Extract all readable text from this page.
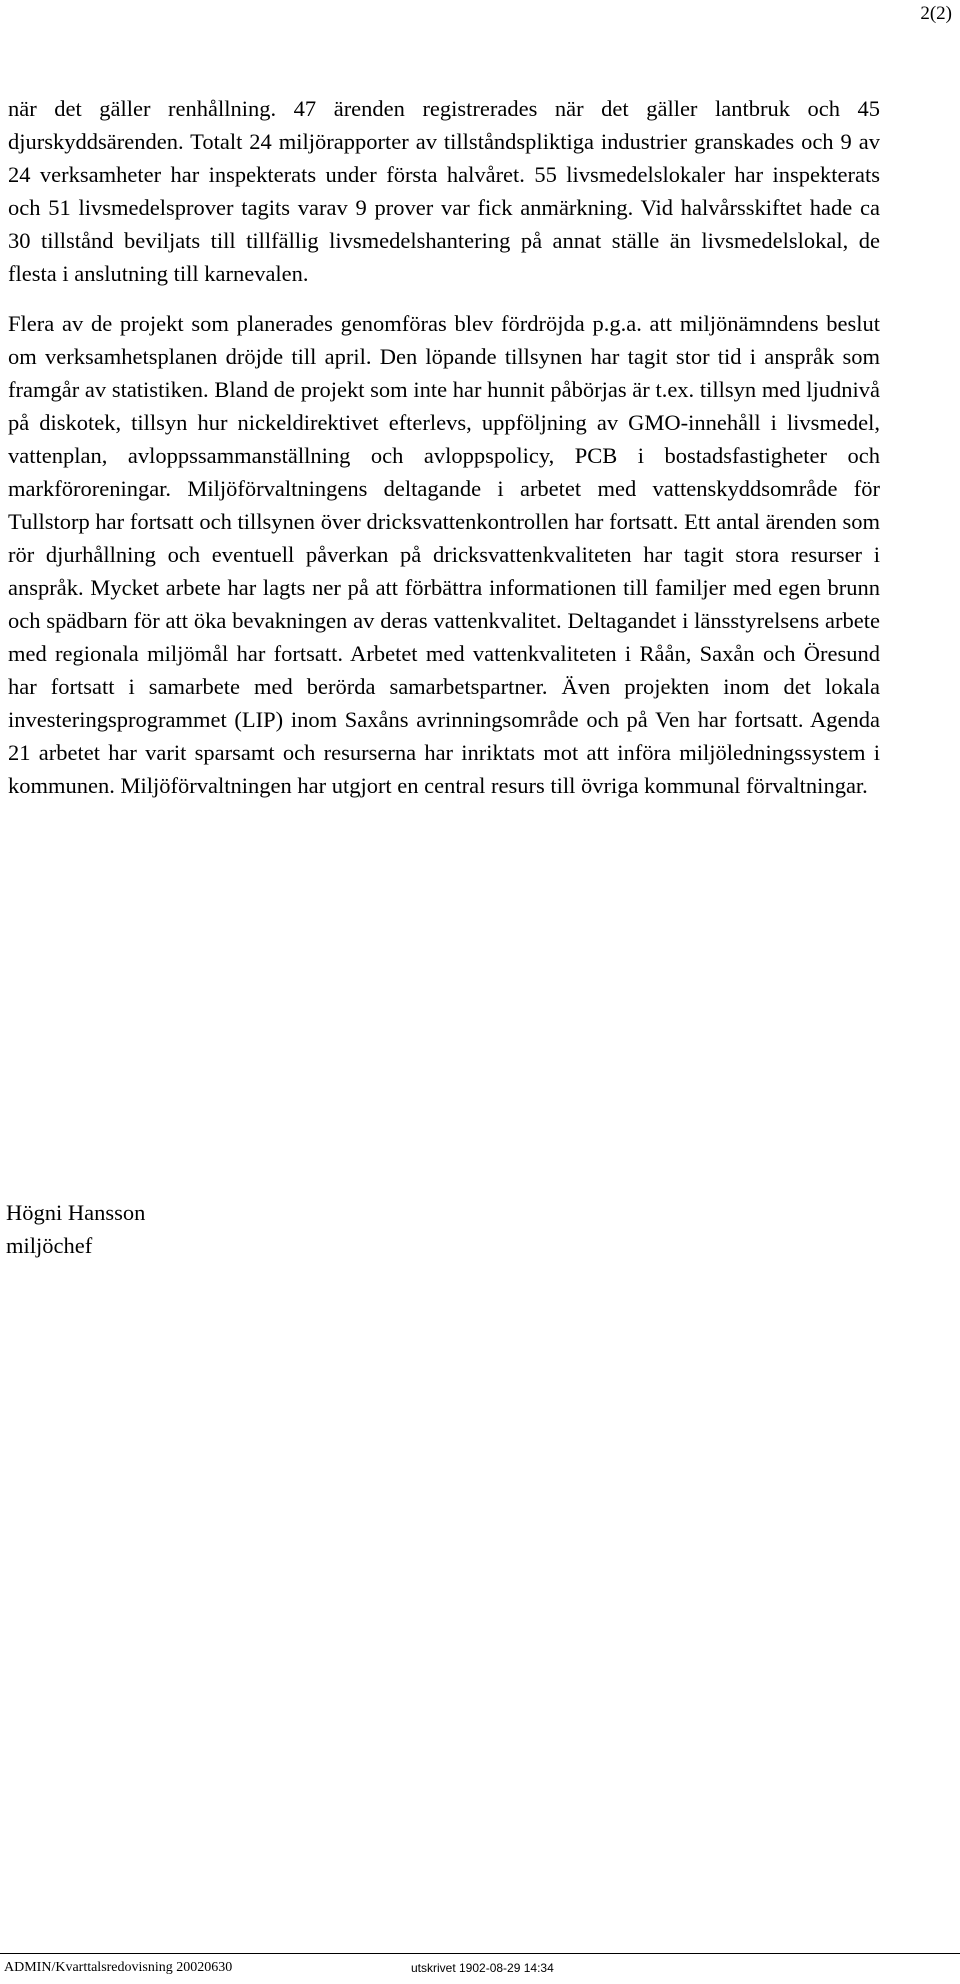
2(2)

när det gäller renhållning. 47 ärenden registrerades när det gäller lantbruk och 45 djurskyddsärenden. Totalt 24 miljörapporter av tillståndspliktiga industrier granskades och 9 av 24 verksamheter har inspekterats under första halvåret. 55 livsmedelslokaler har inspekterats och 51 livsmedelsprover tagits varav 9 prover var fick anmärkning. Vid halvårsskiftet hade ca 30 tillstånd beviljats till tillfällig livsmedelshantering på annat ställe än livsmedelslokal, de flesta i anslutning till karnevalen.

Flera av de projekt som planerades genomföras blev fördröjda p.g.a. att miljönämndens beslut om verksamhetsplanen dröjde till april. Den löpande tillsynen har tagit stor tid i anspråk som framgår av statistiken. Bland de projekt som inte har hunnit påbörjas är t.ex. tillsyn med ljudnivå på diskotek, tillsyn hur nickeldirektivet efterlevs, uppföljning av GMO-innehåll i livsmedel, vattenplan, avloppssammanställning och avloppspolicy, PCB i bostadsfastigheter och markföroreningar. Miljöförvaltningens deltagande i arbetet med vattenskyddsområde för Tullstorp har fortsatt och tillsynen över dricksvattenkontrollen har fortsatt. Ett antal ärenden som rör djurhållning och eventuell påverkan på dricksvattenkvaliteten har tagit stora resurser i anspråk. Mycket arbete har lagts ner på att förbättra informationen till familjer med egen brunn och spädbarn för att öka bevakningen av deras vattenkvalitet. Deltagandet i länsstyrelsens arbete med regionala miljömål har fortsatt. Arbetet med vattenkvaliteten i Råån, Saxån och Öresund har fortsatt i samarbete med berörda samarbetspartner. Även projekten inom det lokala investeringsprogrammet (LIP) inom Saxåns avrinningsområde och på Ven har fortsatt. Agenda 21 arbetet har varit sparsamt och resurserna har inriktats mot att införa miljöledningssystem i kommunen. Miljöförvaltningen har utgjort en central resurs till övriga kommunal förvaltningar.

Högni Hansson
miljöchef
ADMIN/Kvarttalsredovisning 20020630	utskrivet 1902-08-29 14:34
